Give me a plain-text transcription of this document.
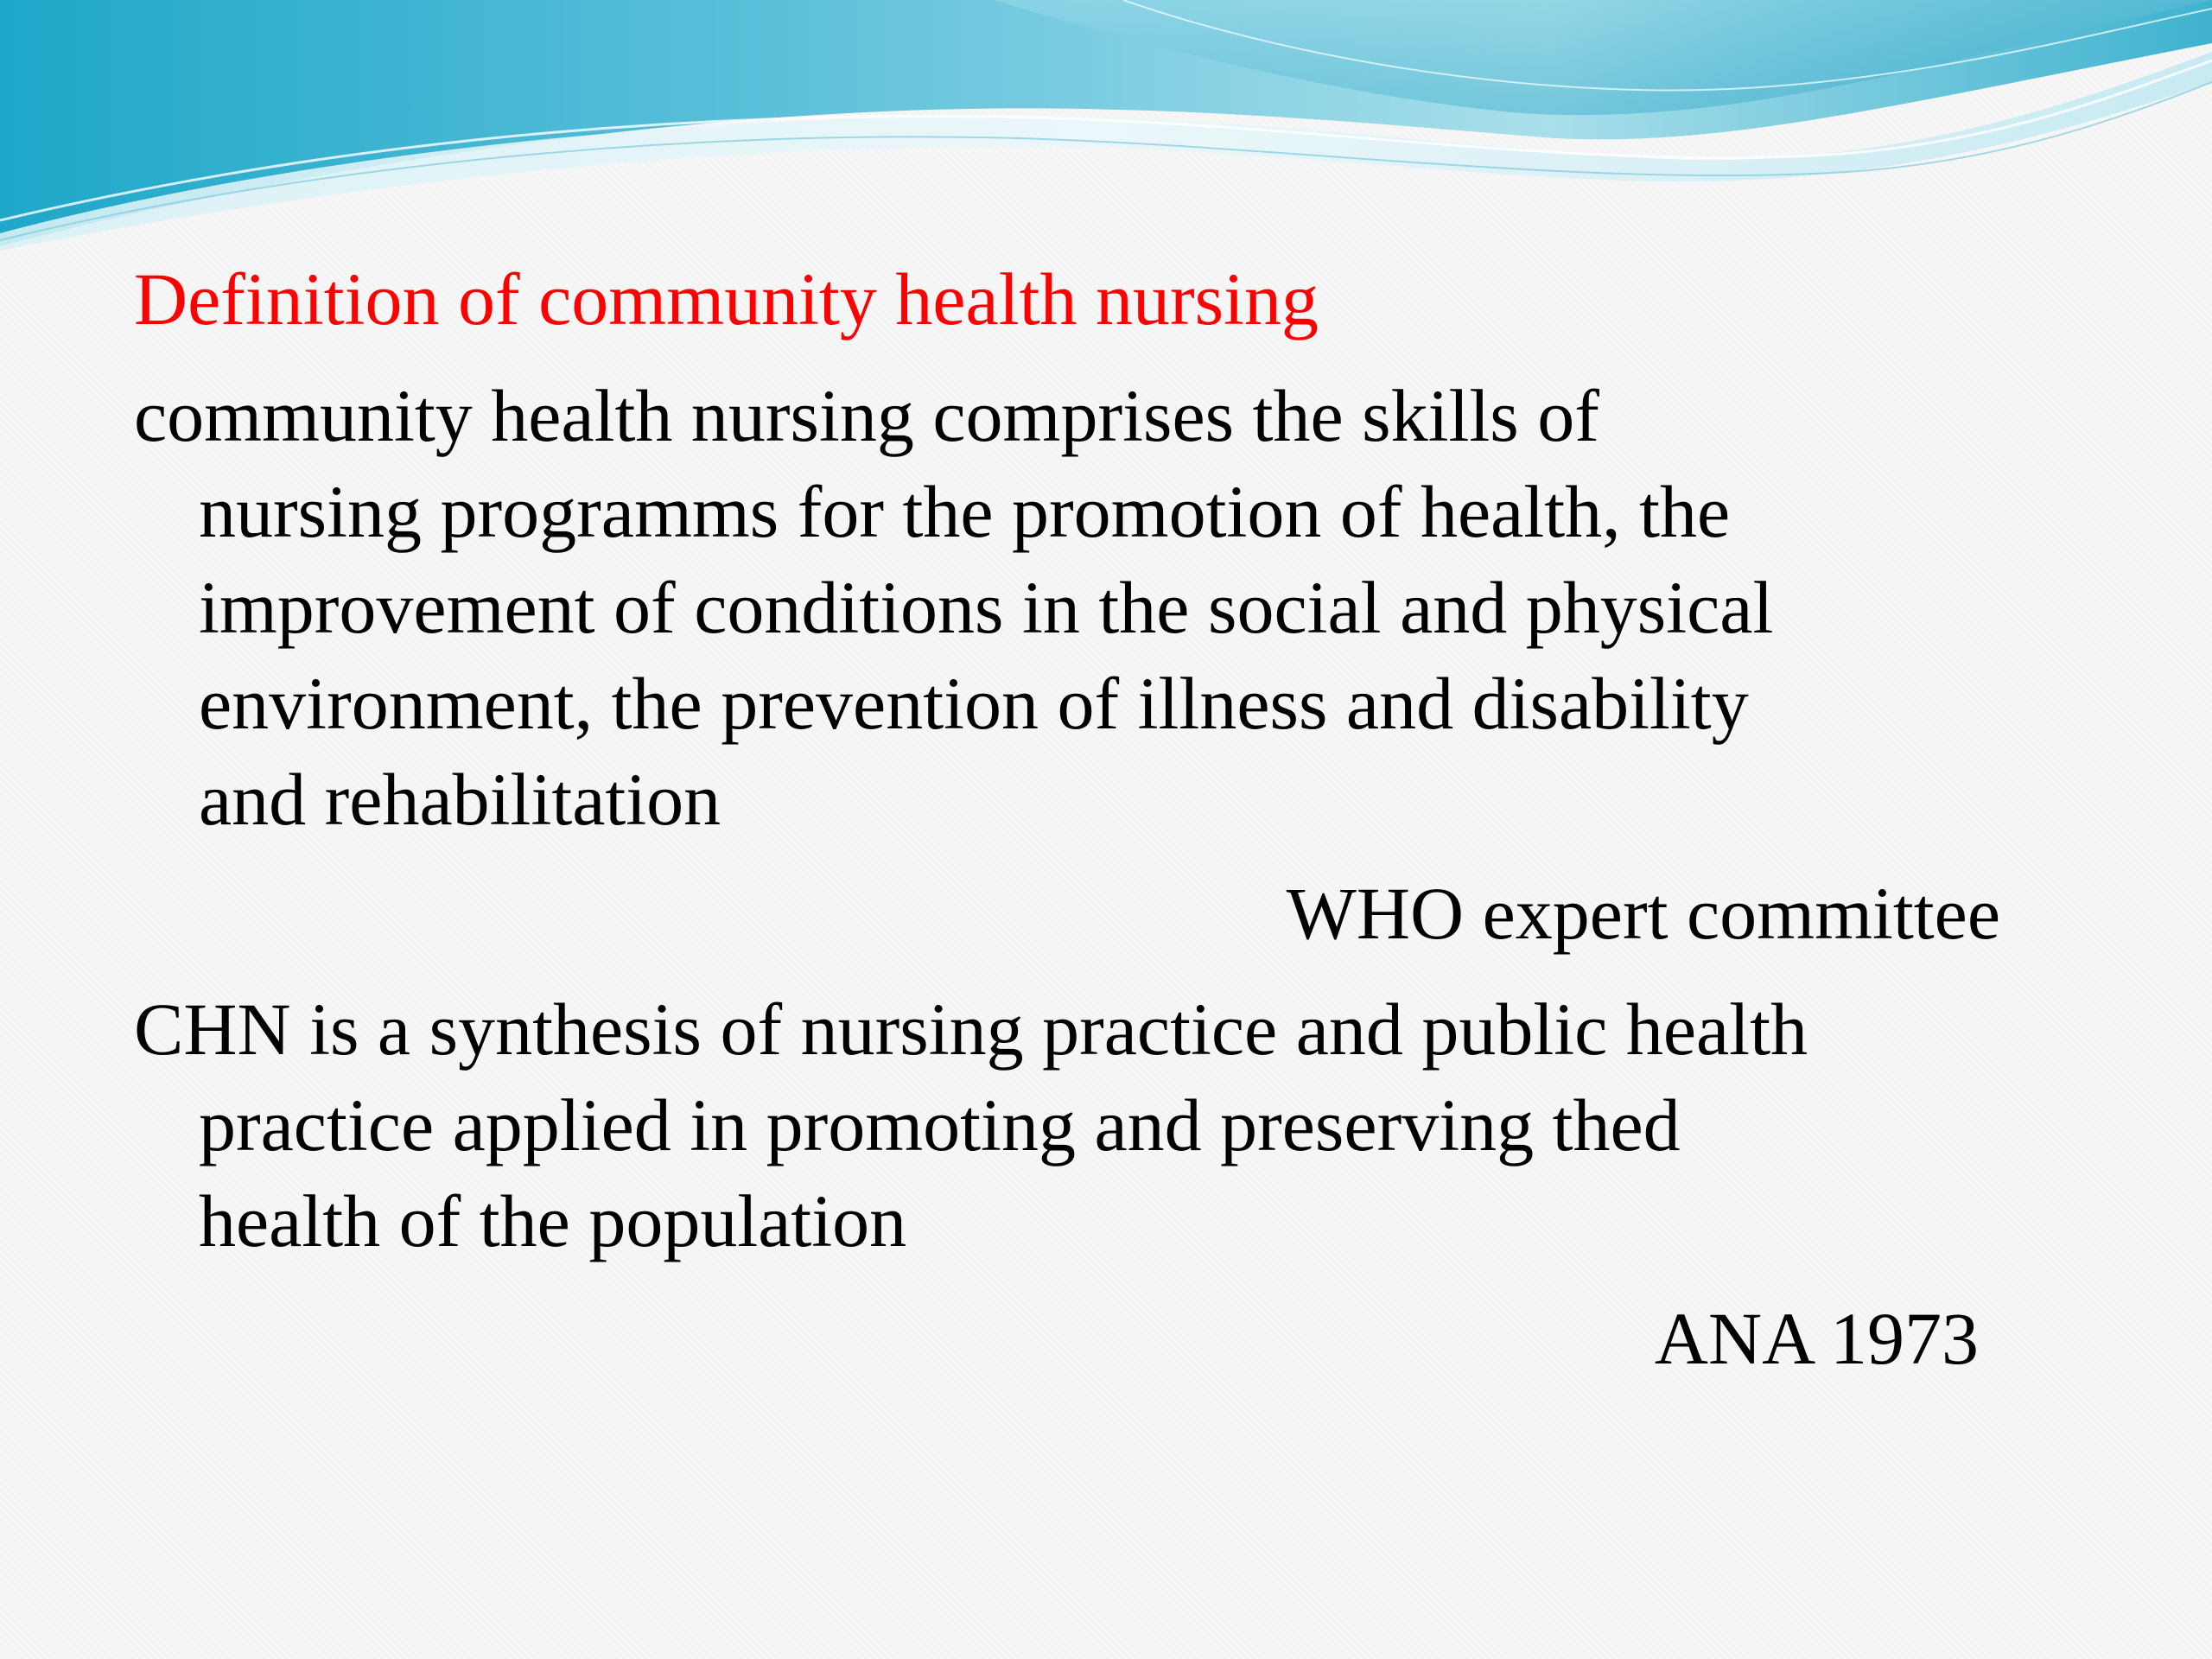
Definition of community health nursing

community health nursing comprises the skills of
nursing programms for the promotion of health, the
improvement of conditions in the social and physical
environment, the prevention of illness and disability
and rehabilitation

WHO expert committee

CHN is a synthesis of nursing practice and public health
practice applied in promoting and preserving thed
health of the population

ANA 1973
